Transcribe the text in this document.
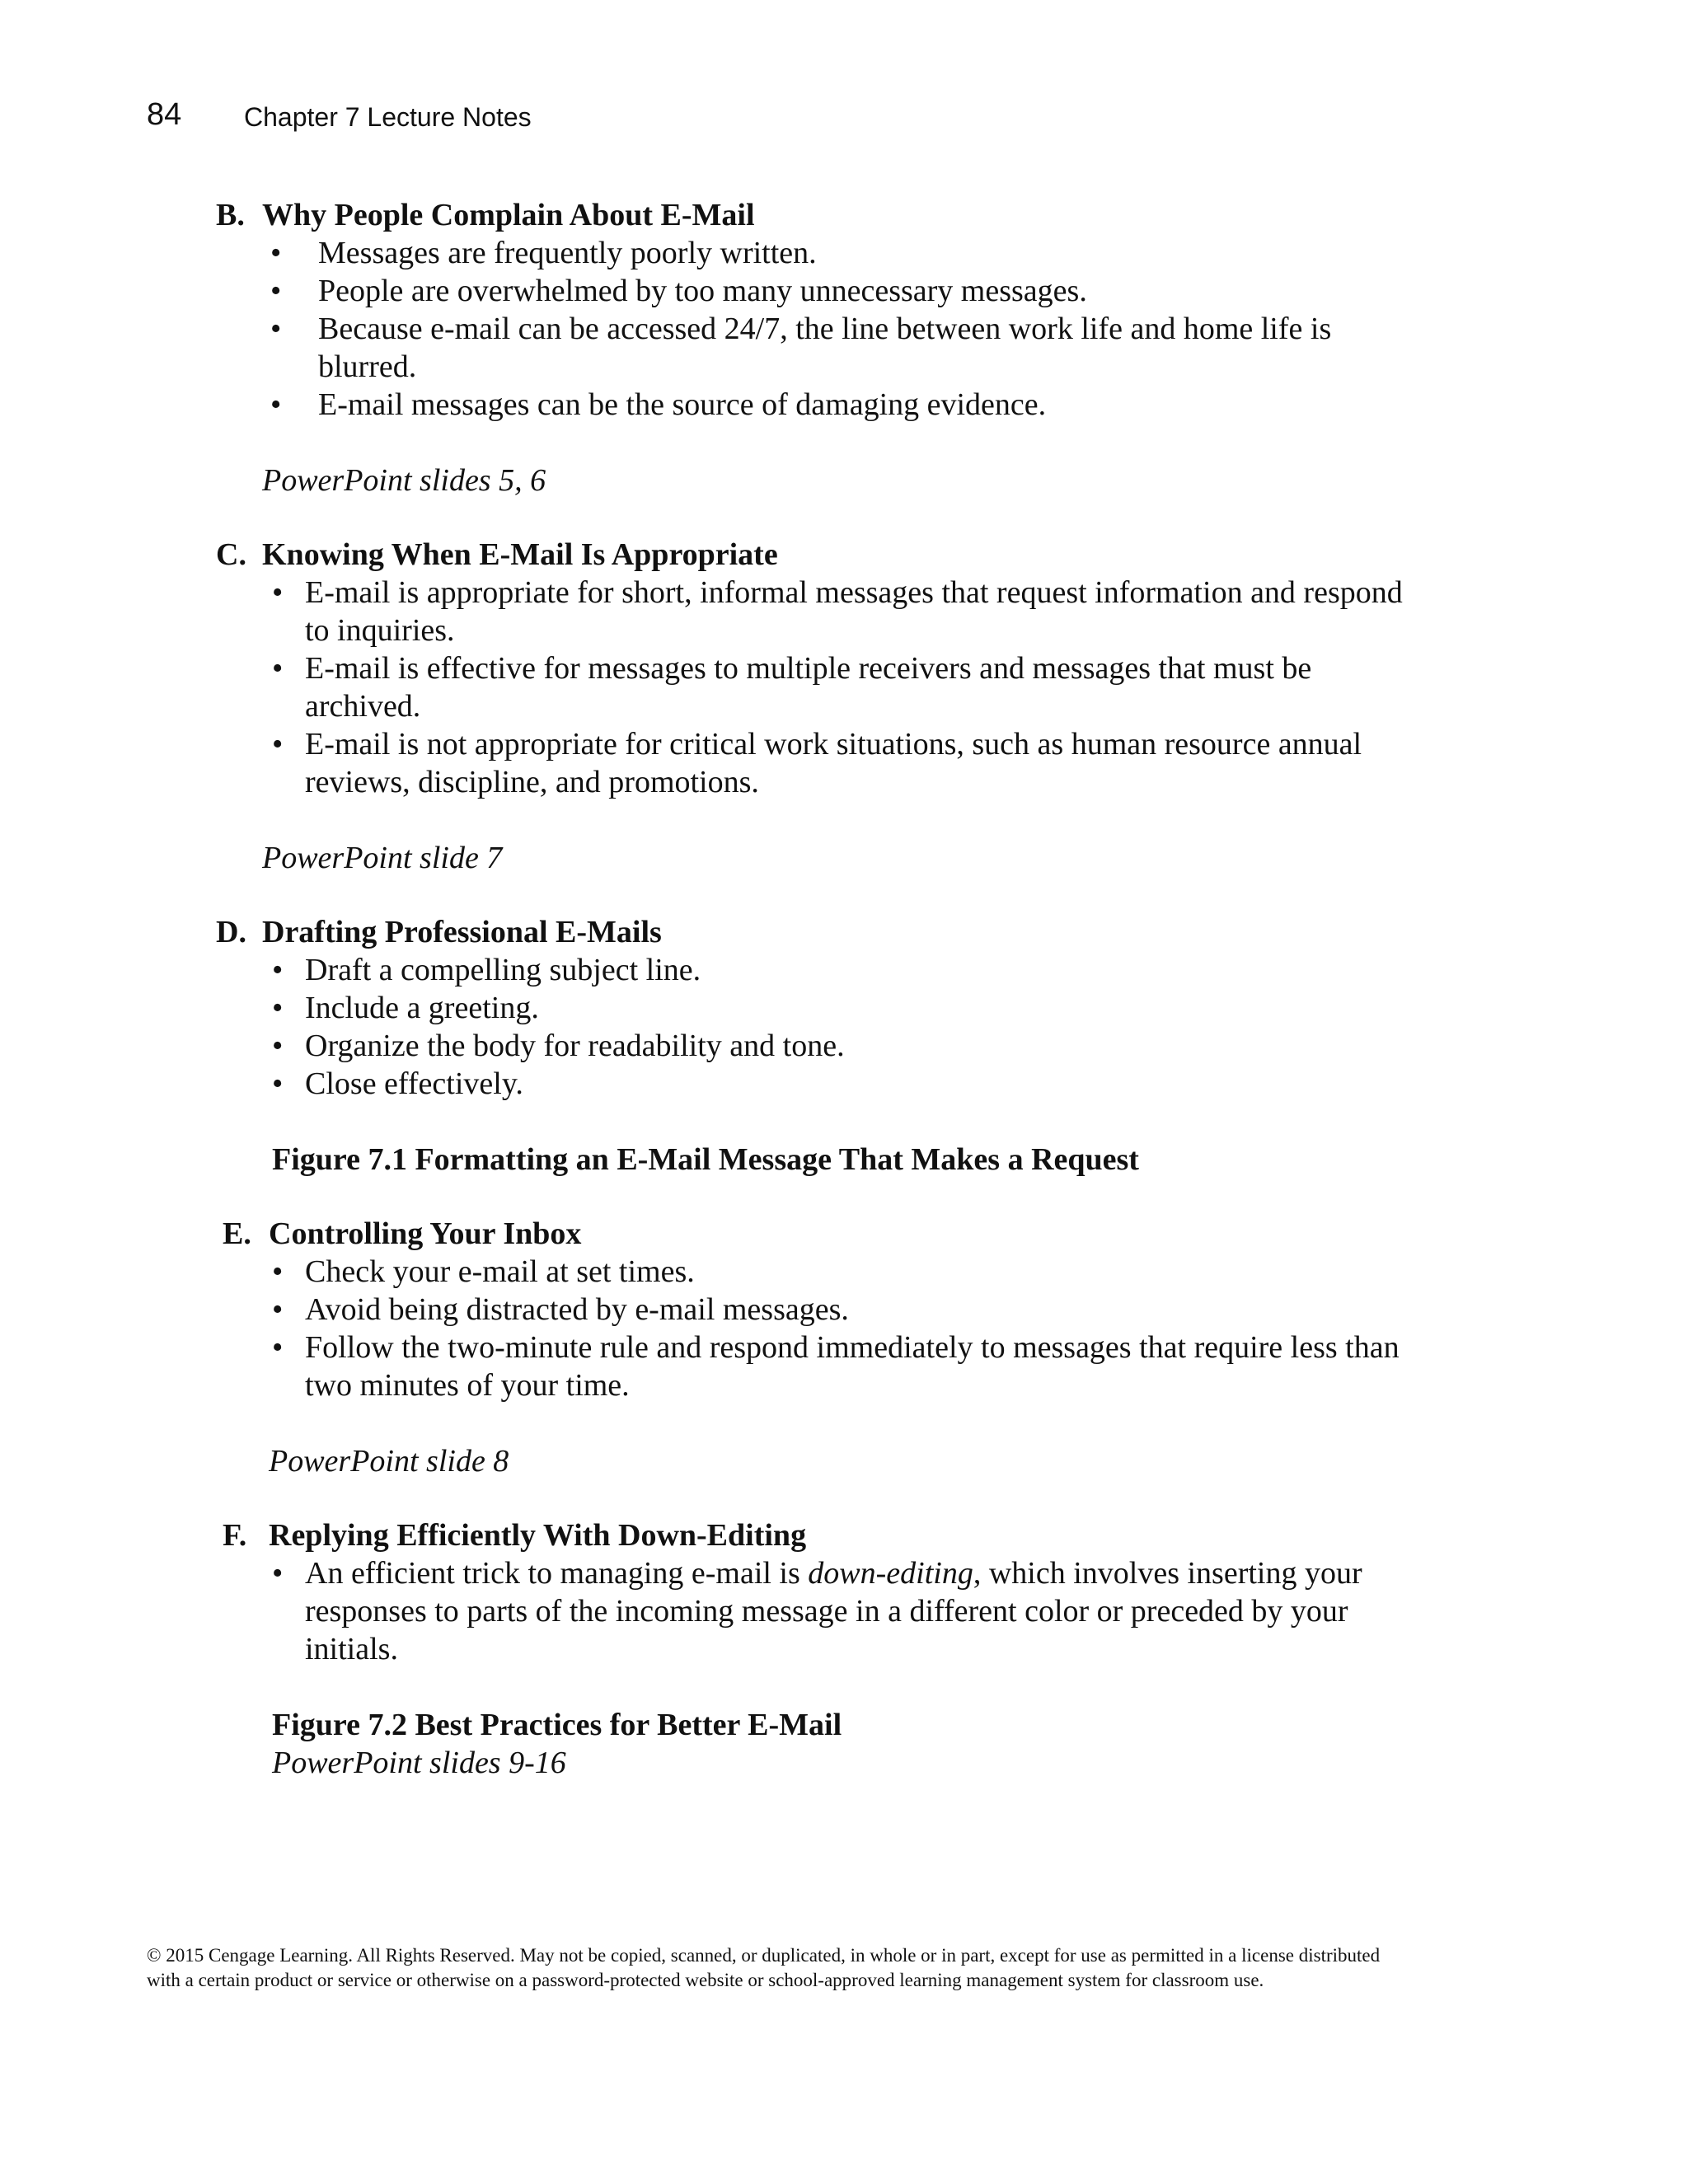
84 Chapter 7 Lecture Notes
B. Why People Complain About E-Mail
• Messages are frequently poorly written.
• People are overwhelmed by too many unnecessary messages.
• Because e-mail can be accessed 24/7, the line between work life and home life is blurred.
• E-mail messages can be the source of damaging evidence.
PowerPoint slides 5, 6
C. Knowing When E-Mail Is Appropriate
• E-mail is appropriate for short, informal messages that request information and respond to inquiries.
• E-mail is effective for messages to multiple receivers and messages that must be archived.
• E-mail is not appropriate for critical work situations, such as human resource annual reviews, discipline, and promotions.
PowerPoint slide 7
D. Drafting Professional E-Mails
• Draft a compelling subject line.
• Include a greeting.
• Organize the body for readability and tone.
• Close effectively.
Figure 7.1 Formatting an E-Mail Message That Makes a Request
E. Controlling Your Inbox
• Check your e-mail at set times.
• Avoid being distracted by e-mail messages.
• Follow the two-minute rule and respond immediately to messages that require less than two minutes of your time.
PowerPoint slide 8
F. Replying Efficiently With Down-Editing
• An efficient trick to managing e-mail is down-editing, which involves inserting your responses to parts of the incoming message in a different color or preceded by your initials.
Figure 7.2 Best Practices for Better E-Mail
PowerPoint slides 9-16
© 2015 Cengage Learning. All Rights Reserved. May not be copied, scanned, or duplicated, in whole or in part, except for use as permitted in a license distributed with a certain product or service or otherwise on a password-protected website or school-approved learning management system for classroom use.
